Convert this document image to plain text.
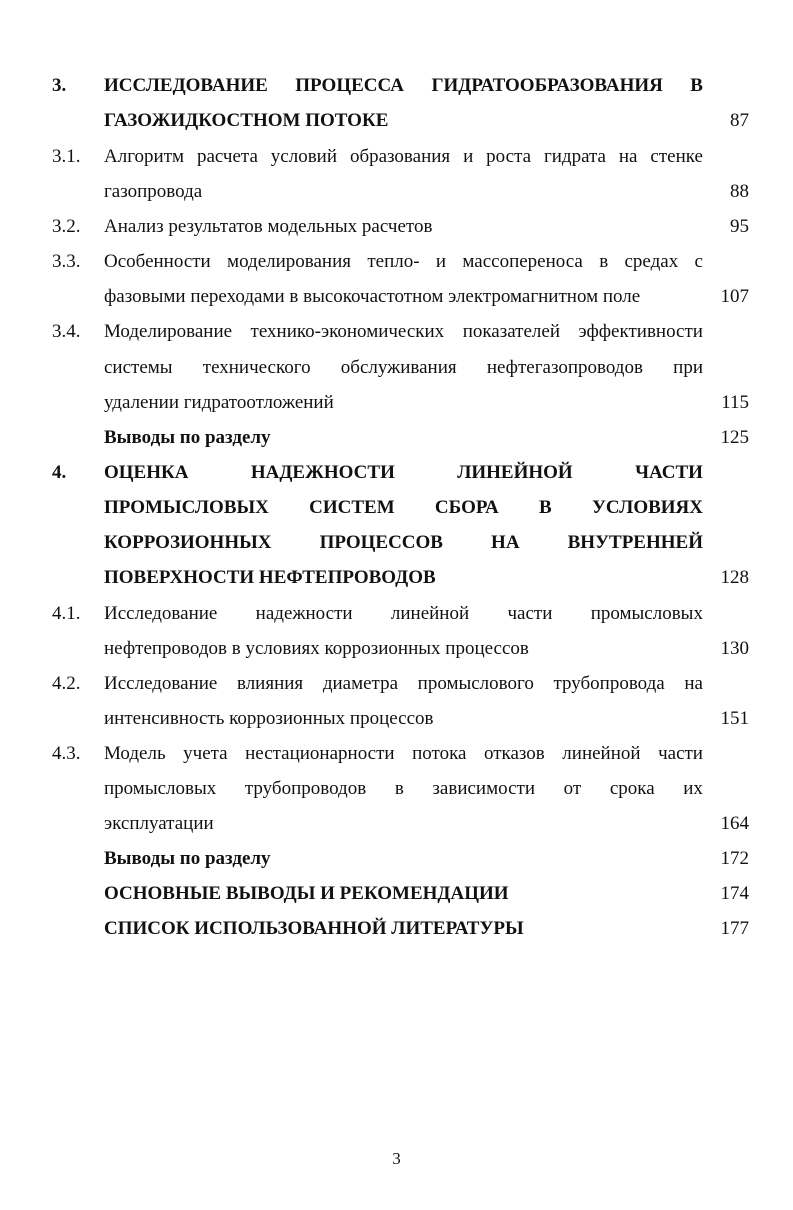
3. ИССЛЕДОВАНИЕ ПРОЦЕССА ГИДРАТООБРАЗОВАНИЯ В
ГАЗОЖИДКОСТНОМ ПОТОКЕ	87
3.1. Алгоритм расчета условий образования и роста гидрата на стенке
газопровода	88
3.2. Анализ результатов модельных расчетов	95
3.3. Особенности моделирования тепло- и массопереноса в средах с
фазовыми переходами в высокочастотном электромагнитном поле	107
3.4. Моделирование технико-экономических показателей эффективности
системы технического обслуживания нефтегазопроводов при
удалении гидратоотложений	115
Выводы по разделу	125
4. ОЦЕНКА	НАДЕЖНОСТИ	ЛИНЕЙНОЙ	ЧАСТИ
ПРОМЫСЛОВЫХ СИСТЕМ СБОРА В УСЛОВИЯХ
КОРРОЗИОННЫХ	ПРОЦЕССОВ	НА	ВНУТРЕННЕЙ
ПОВЕРХНОСТИ НЕФТЕПРОВОДОВ	128
4.1. Исследование надежности линейной части промысловых
нефтепроводов в условиях коррозионных процессов	130
4.2. Исследование влияния диаметра промыслового трубопровода на
интенсивность коррозионных процессов	151
4.3. Модель учета нестационарности потока отказов линейной части
промысловых трубопроводов в зависимости от срока их
эксплуатации	164
Выводы по разделу	172
ОСНОВНЫЕ ВЫВОДЫ И РЕКОМЕНДАЦИИ	174
СПИСОК ИСПОЛЬЗОВАННОЙ ЛИТЕРАТУРЫ	177
3
